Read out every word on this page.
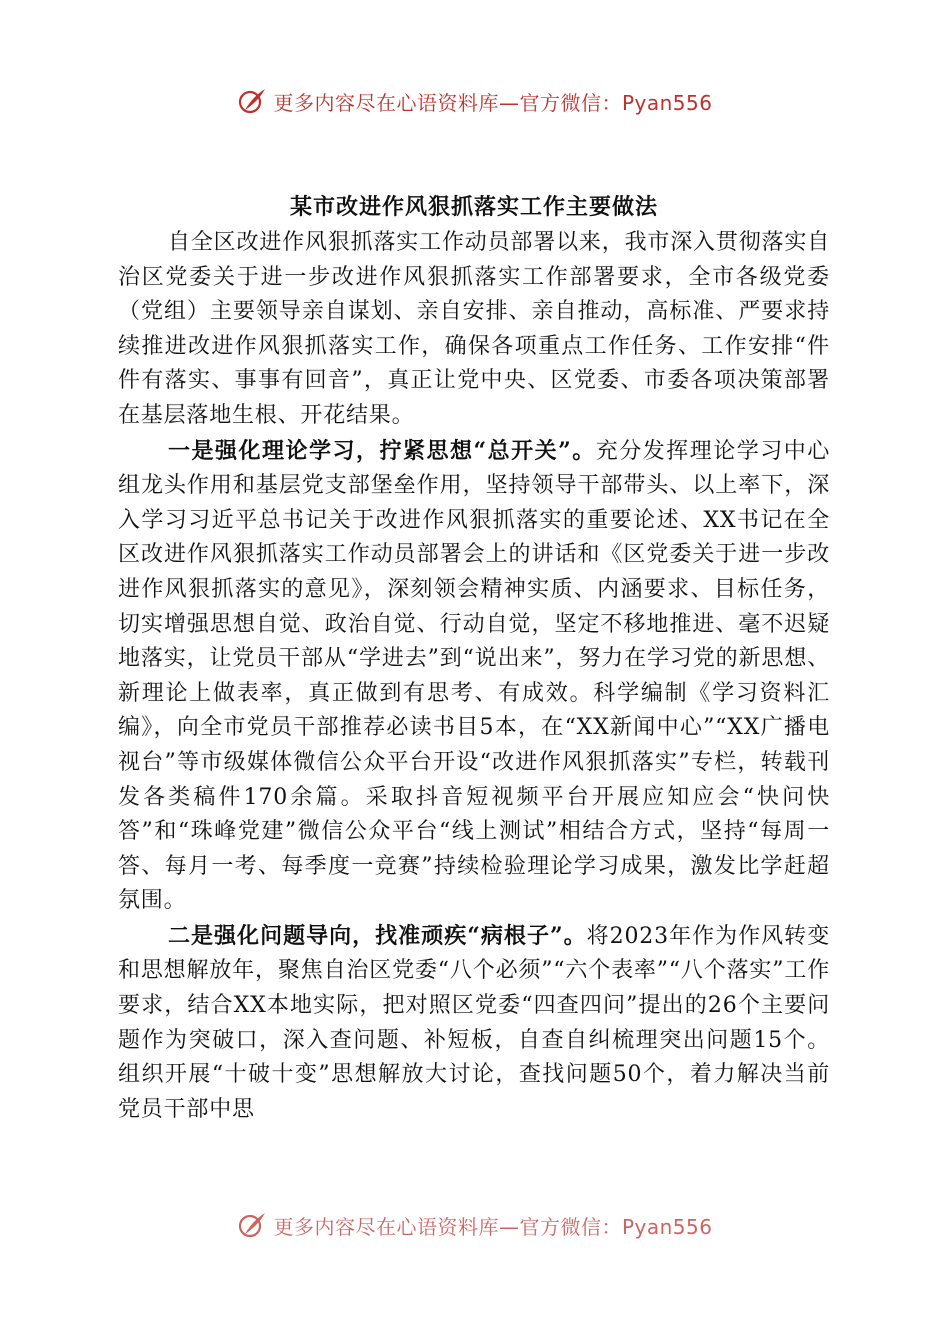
更多内容尽在心语资料库—官方微信：Pyan556
某市改进作风狠抓落实工作主要做法

自全区改进作风狠抓落实工作动员部署以来，我市深入贯彻落实自治区党委关于进一步改进作风狠抓落实工作部署要求，全市各级党委（党组）主要领导亲自谋划、亲自安排、亲自推动，高标准、严要求持续推进改进作风狠抓落实工作，确保各项重点工作任务、工作安排“件件有落实、事事有回音”，真正让党中央、区党委、市委各项决策部署在基层落地生根、开花结果。

一是强化理论学习，拧紧思想“总开关”。充分发挥理论学习中心组龙头作用和基层党支部堡垒作用，坚持领导干部带头、以上率下，深入学习习近平总书记关于改进作风狠抓落实的重要论述、XX书记在全区改进作风狠抓落实工作动员部署会上的讲话和《区党委关于进一步改进作风狠抓落实的意见》，深刻领会精神实质、内涵要求、目标任务，切实增强思想自觉、政治自觉、行动自觉，坚定不移地推进、毫不迟疑地落实，让党员干部从“学进去”到“说出来”，努力在学习党的新思想、新理论上做表率，真正做到有思考、有成效。科学编制《学习资料汇编》，向全市党员干部推荐必读书目5本，在“XX新闻中心”“XX广播电视台”等市级媒体微信公众平台开设“改进作风狠抓落实”专栏，转载刊发各类稿件170余篇。采取抖音短视频平台开展应知应会“快问快答”和“珠峰党建”微信公众平台“线上测试”相结合方式，坚持“每周一答、每月一考、每季度一竞赛”持续检验理论学习成果，激发比学赶超氛围。

二是强化问题导向，找准顽疾“病根子”。将2023年作为作风转变和思想解放年，聚焦自治区党委“八个必须”“六个表率”“八个落实”工作要求，结合XX本地实际，把对照区党委“四查四问”提出的26个主要问题作为突破口，深入查问题、补短板，自查自纠梳理突出问题15个。组织开展“十破十变”思想解放大讨论，查找问题50个，着力解决当前党员干部中思

更多内容尽在心语资料库—官方微信：Pyan556
